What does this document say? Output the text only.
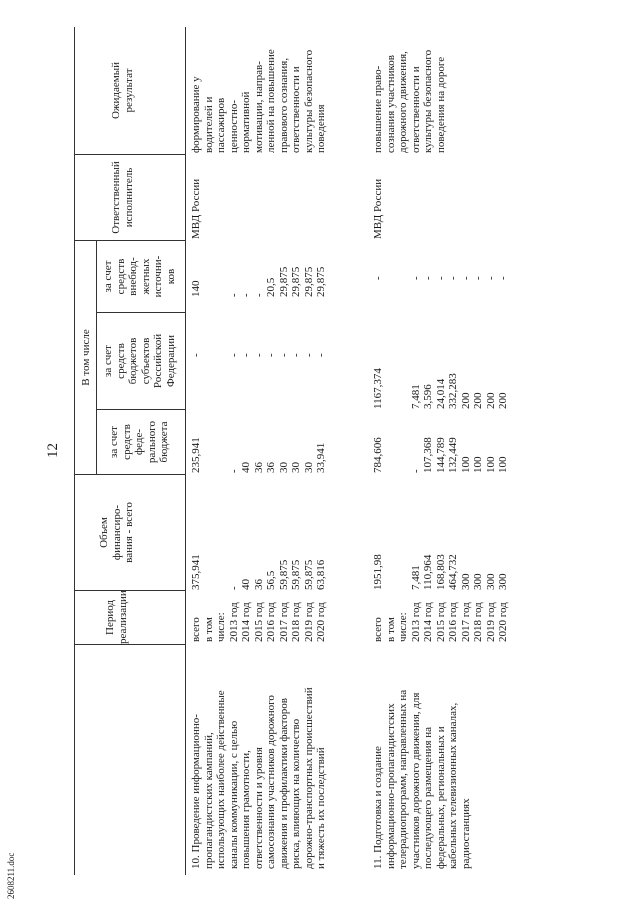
12
Период
реализации
Объем
финансиро-
вания - всего
В том числе
за счет
средств
феде-
рального
бюджета
за счет
средств
бюджетов
субъектов
Российской
Федерации
за счет
средств
внебюд-
жетных
источни-
ков
Ответственный
исполнитель
Ожидаемый
результат
10. Проведение информационно-
пропагандистских кампаний,
использующих наиболее действенные
каналы коммуникации, с целью
повышения грамотности,
ответственности и уровня
самосознания участников дорожного
движения и профилактики факторов
риска, влияющих на количество
дорожно-транспортных происшествий
и тяжесть их последствий
всего
в том
числе:
2013 год
2014 год
2015 год
2016 год
2017 год
2018 год
2019 год
2020 год
375,941

-
40
36
56,5
59,875
59,875
59,875
63,816
235,941

-
40
36
36
30
30
30
33,941
-

-
-
-
-
-
-
-
-
140

-
-
-
20,5
29,875
29,875
29,875
29,875
МВД России
формирование у
водителей и
пассажиров
ценностно-
нормативной
мотивации, направ-
ленной на повышение
правового сознания,
ответственности и
культуры безопасного
поведения
11. Подготовка и создание
информационно-пропагандистских
телерадиопрограмм, направленных на
участников дорожного движения, для
последующего размещения на
федеральных, региональных и
кабельных телевизионных каналах,
радиостанциях
всего
в том
числе:
2013 год
2014 год
2015 год
2016 год
2017 год
2018 год
2019 год
2020 год
1951,98

7,481
110,964
168,803
464,732
300
300
300
300
784,606

-
107,368
144,789
132,449
100
100
100
100
1167,374

7,481
3,596
24,014
332,283
200
200
200
200
-

-
-
-
-
-
-
-
-
МВД России
повышение право-
сознания участников
дорожного движения,
ответственности и
культуры безопасного
поведения на дороге
2608211.doc
